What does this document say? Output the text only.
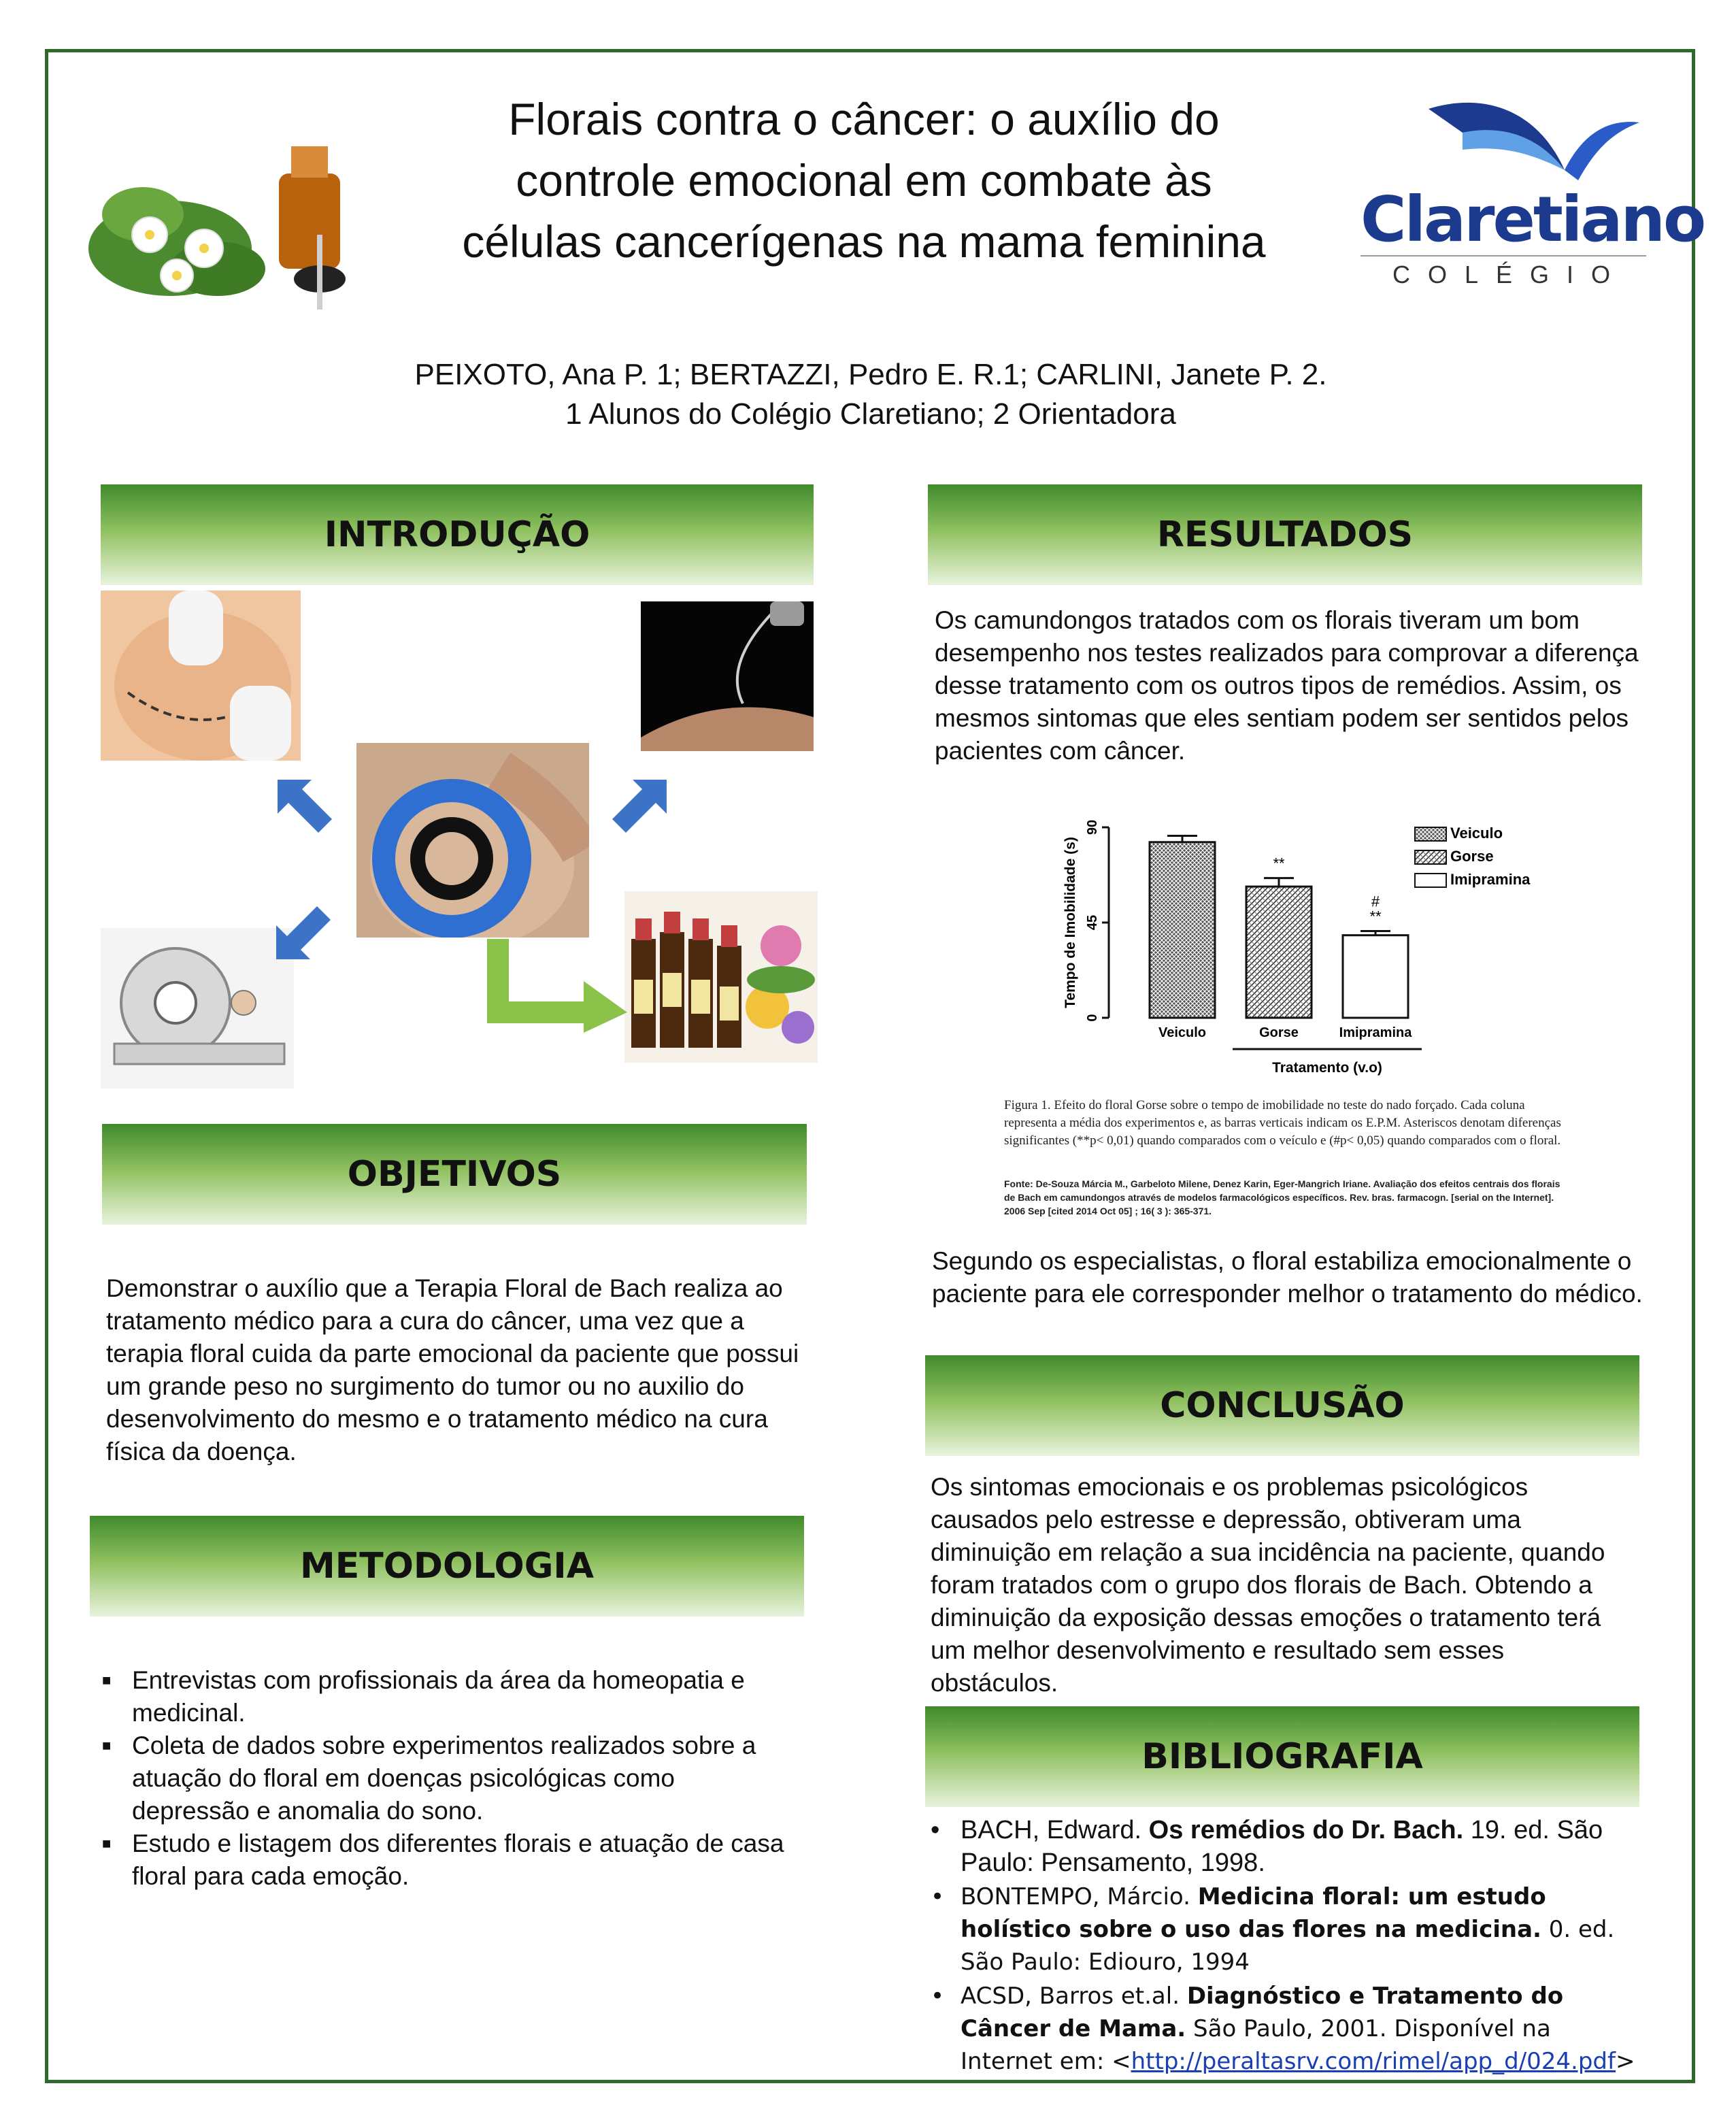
Florais contra o câncer: o auxílio do
controle emocional em combate às
células cancerígenas na mama feminina	Claretiano
COLÉGIO
PEIXOTO, Ana P. 1; BERTAZZI, Pedro E. R.1; CARLINI, Janete P. 2.
1 Alunos do Colégio Claretiano; 2 Orientadora
INTRODUÇÃO
OBJETIVOS
Demonstrar o auxílio que a Terapia Floral de Bach realiza ao tratamento médico para a cura do câncer, uma vez que a terapia floral cuida da parte emocional da paciente que possui um grande peso no surgimento do tumor ou no auxilio do desenvolvimento do mesmo e o tratamento médico na cura física da doença.
METODOLOGIA
■ Entrevistas com profissionais da área da homeopatia e medicinal.
■ Coleta de dados sobre experimentos realizados sobre a atuação do floral em doenças psicológicas como depressão e anomalia do sono.
■ Estudo e listagem dos diferentes florais e atuação de casa floral para cada emoção.
RESULTADOS
Os camundongos tratados com os florais tiveram um bom desempenho nos testes realizados para comprovar a diferença desse tratamento com os outros tipos de remédios. Assim, os mesmos sintomas que eles sentiam podem ser sentidos pelos pacientes com câncer.
0
45
90
Tempo de Imobilidade (s)
Tratamento (v.o)
Veiculo	Gorse
**
Imipramina
#
**
Veiculo
Gorse
Imipramina
Figura 1. Efeito do floral Gorse sobre o tempo de imobilidade no teste do nado forçado. Cada coluna representa a média dos experimentos e, as barras verticais indicam os E.P.M. Asteriscos denotam diferenças significantes (**p< 0,01) quando comparados com o veículo e (#p< 0,05) quando comparados com o floral.
Fonte: De-Souza Márcia M., Garbeloto Milene, Denez Karin, Eger-Mangrich Iriane. Avaliação dos efeitos centrais dos florais de Bach em camundongos através de modelos farmacológicos específicos. Rev. bras. farmacogn. [serial on the Internet]. 2006 Sep [cited 2014 Oct 05] ; 16( 3 ): 365-371.
Segundo os especialistas, o floral estabiliza emocionalmente o paciente para ele corresponder melhor o tratamento do médico.
CONCLUSÃO
Os sintomas emocionais e os problemas psicológicos causados pelo estresse e depressão, obtiveram uma diminuição em relação a sua incidência na paciente, quando foram tratados com o grupo dos florais de Bach. Obtendo a diminuição da exposição dessas emoções o tratamento terá um melhor desenvolvimento e resultado sem esses obstáculos.
BIBLIOGRAFIA
• BACH, Edward. Os remédios do Dr. Bach. 19. ed. São Paulo: Pensamento, 1998.
• BONTEMPO, Márcio. Medicina floral: um estudo holístico sobre o uso das flores na medicina. 0. ed. São Paulo: Ediouro, 1994
• ACSD, Barros et.al. Diagnóstico e Tratamento do Câncer de Mama. São Paulo, 2001. Disponível na Internet em: <http://peraltasrv.com/rimel/app_d/024.pdf>
